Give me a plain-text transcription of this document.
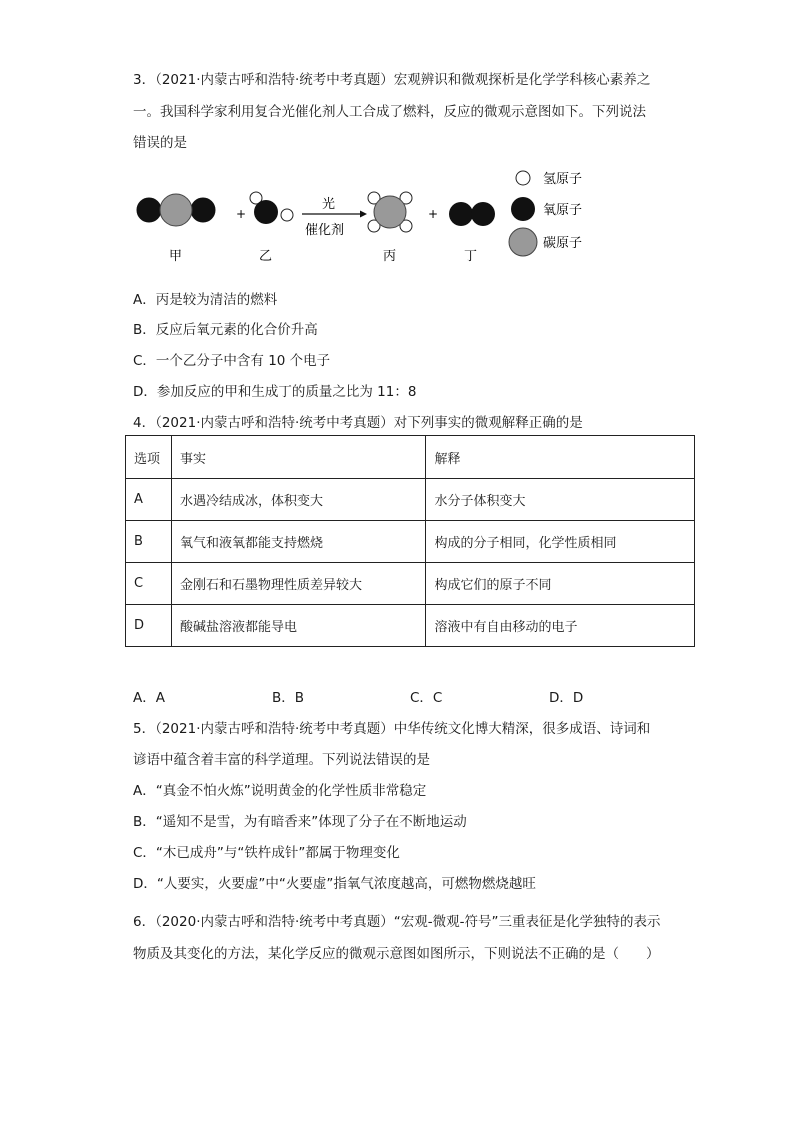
3．（2021·内蒙古呼和浩特·统考中考真题）宏观辨识和微观探析是化学学科核心素养之
一。我国科学家利用复合光催化剂人工合成了燃料，反应的微观示意图如下。下列说法
错误的是
+
光
催化剂
+
甲	乙	丙	丁
氢原子
氧原子
碳原子
A．丙是较为清洁的燃料
B．反应后氧元素的化合价升高
C．一个乙分子中含有 10 个电子
D．参加反应的甲和生成丁的质量之比为 11：8
4．（2021·内蒙古呼和浩特·统考中考真题）对下列事实的微观解释正确的是
选项	事实	解释
A	水遇冷结成冰，体积变大	水分子体积变大
B	氧气和液氧都能支持燃烧	构成的分子相同，化学性质相同
C	金刚石和石墨物理性质差异较大	构成它们的原子不同
D	酸碱盐溶液都能导电	溶液中有自由移动的电子
A．A	B．B	C．C	D．D
5．（2021·内蒙古呼和浩特·统考中考真题）中华传统文化博大精深，很多成语、诗词和
谚语中蕴含着丰富的科学道理。下列说法错误的是
A．“真金不怕火炼”说明黄金的化学性质非常稳定
B．“遥知不是雪，为有暗香来”体现了分子在不断地运动
C．“木已成舟”与“铁杵成针”都属于物理变化
D．“人要实，火要虚”中“火要虚”指氧气浓度越高，可燃物燃烧越旺
6．（2020·内蒙古呼和浩特·统考中考真题）“宏观-微观-符号”三重表征是化学独特的表示
物质及其变化的方法，某化学反应的微观示意图如图所示，下则说法不正确的是（　　）
